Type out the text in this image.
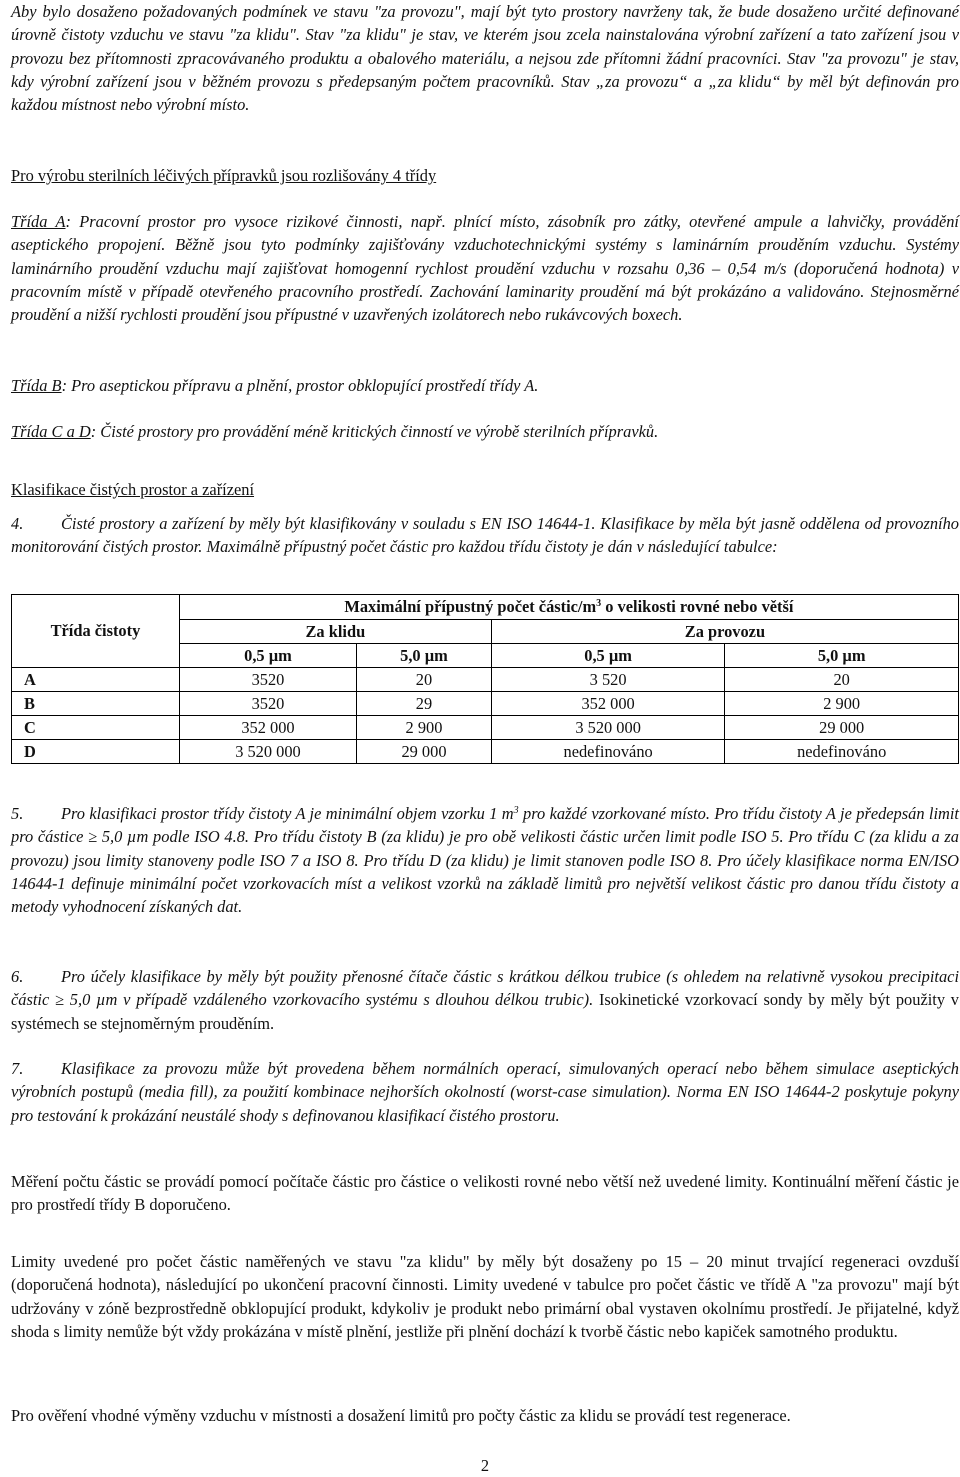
Aby bylo dosaženo požadovaných podmínek ve stavu "za provozu", mají být tyto prostory navrženy tak, že bude dosaženo určité definované úrovně čistoty vzduchu ve stavu "za klidu". Stav "za klidu" je stav, ve kterém jsou zcela nainstalována výrobní zařízení a tato zařízení jsou v provozu bez přítomnosti zpracovávaného produktu a obalového materiálu, a nejsou zde přítomni žádní pracovníci. Stav "za provozu" je stav, kdy výrobní zařízení jsou v běžném provozu s předepsaným počtem pracovníků. Stav „za provozu“ a „za klidu“ by měl být definován pro každou místnost nebo výrobní místo.

Pro výrobu sterilních léčivých přípravků jsou rozlišovány 4 třídy

Třída A: Pracovní prostor pro vysoce rizikové činnosti, např. plnící místo, zásobník pro zátky, otevřené ampule a lahvičky, provádění aseptického propojení. Běžně jsou tyto podmínky zajišťovány vzduchotechnickými systémy s laminárním prouděním vzduchu. Systémy laminárního proudění vzduchu mají zajišťovat homogenní rychlost proudění vzduchu v rozsahu 0,36 – 0,54 m/s (doporučená hodnota) v pracovním místě v případě otevřeného pracovního prostředí. Zachování laminarity proudění má být prokázáno a validováno. Stejnosměrné proudění a nižší rychlosti proudění jsou přípustné v uzavřených izolátorech nebo rukávcových boxech.

Třída B: Pro aseptickou přípravu a plnění, prostor obklopující prostředí třídy A.

Třída C a D: Čisté prostory pro provádění méně kritických činností ve výrobě sterilních přípravků.

Klasifikace čistých prostor a zařízení

4. Čisté prostory a zařízení by měly být klasifikovány v souladu s EN ISO 14644-1. Klasifikace by měla být jasně oddělena od provozního monitorování čistých prostor. Maximálně přípustný počet částic pro každou třídu čistoty je dán v následující tabulce:

Třída čistoty	Maximální přípustný počet částic/$m^3$ o velikosti rovné nebo větší			
	Za klidu		Za provozu	
	0,5 µm	5,0 µm	0,5 µm	5,0 µm
A	3520	20	3 520	20
B	3520	29	352 000	2 900
C	352 000	2 900	3 520 000	29 000
D	3 520 000	29 000	nedefinováno	nedefinováno

5. Pro klasifikaci prostor třídy čistoty A je minimální objem vzorku 1 $m^3$ pro každé vzorkované místo. Pro třídu čistoty A je předepsán limit pro částice ≥ 5,0 µm podle ISO 4.8. Pro třídu čistoty B (za klidu) je pro obě velikosti částic určen limit podle ISO 5. Pro třídu C (za klidu a za provozu) jsou limity stanoveny podle ISO 7 a ISO 8. Pro třídu D (za klidu) je limit stanoven podle ISO 8. Pro účely klasifikace norma EN/ISO 14644-1 definuje minimální počet vzorkovacích míst a velikost vzorků na základě limitů pro největší velikost částic pro danou třídu čistoty a metody vyhodnocení získaných dat.

6. Pro účely klasifikace by měly být použity přenosné čítače částic s krátkou délkou trubice (s ohledem na relativně vysokou precipitaci částic ≥ 5,0 µm v případě vzdáleného vzorkovacího systému s dlouhou délkou trubic). Isokinetické vzorkovací sondy by měly být použity v systémech se stejnoměrným prouděním.

7. Klasifikace za provozu může být provedena během normálních operací, simulovaných operací nebo během simulace aseptických výrobních postupů (media fill), za použití kombinace nejhorších okolností (worst-case simulation). Norma EN ISO 14644-2 poskytuje pokyny pro testování k prokázání neustálé shody s definovanou klasifikací čistého prostoru.

Měření počtu částic se provádí pomocí počítače částic pro částice o velikosti rovné nebo větší než uvedené limity. Kontinuální měření částic je pro prostředí třídy B doporučeno.

Limity uvedené pro počet částic naměřených ve stavu "za klidu" by měly být dosaženy po 15 – 20 minut trvající regeneraci ovzduší (doporučená hodnota), následující po ukončení pracovní činnosti. Limity uvedené v tabulce pro počet částic ve třídě A "za provozu" mají být udržovány v zóně bezprostředně obklopující produkt, kdykoliv je produkt nebo primární obal vystaven okolnímu prostředí. Je přijatelné, když shoda s limity nemůže být vždy prokázána v místě plnění, jestliže při plnění dochází k tvorbě částic nebo kapiček samotného produktu.

Pro ověření vhodné výměny vzduchu v místnosti a dosažení limitů pro počty částic za klidu se provádí test regenerace.

2
